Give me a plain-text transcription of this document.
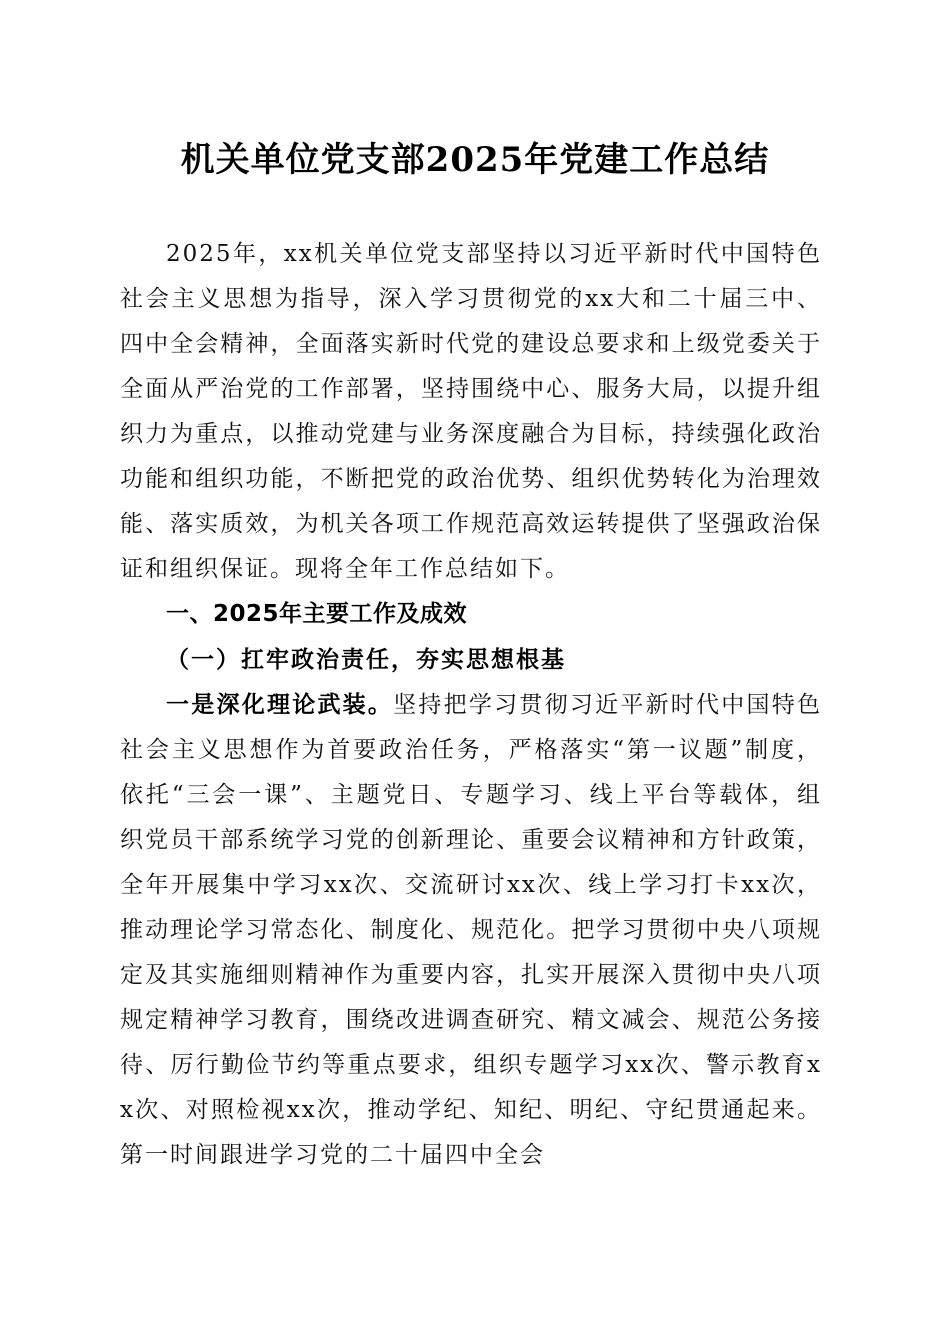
机关单位党支部2025年党建工作总结

2025年，xx机关单位党支部坚持以习近平新时代中国特色社会主义思想为指导，深入学习贯彻党的xx大和二十届三中、四中全会精神，全面落实新时代党的建设总要求和上级党委关于全面从严治党的工作部署，坚持围绕中心、服务大局，以提升组织力为重点，以推动党建与业务深度融合为目标，持续强化政治功能和组织功能，不断把党的政治优势、组织优势转化为治理效能、落实质效，为机关各项工作规范高效运转提供了坚强政治保证和组织保证。现将全年工作总结如下。

一、2025年主要工作及成效

（一）扛牢政治责任，夯实思想根基

一是深化理论武装。坚持把学习贯彻习近平新时代中国特色社会主义思想作为首要政治任务，严格落实“第一议题”制度，依托“三会一课”、主题党日、专题学习、线上平台等载体，组织党员干部系统学习党的创新理论、重要会议精神和方针政策，全年开展集中学习xx次、交流研讨xx次、线上学习打卡xx次，推动理论学习常态化、制度化、规范化。把学习贯彻中央八项规定及其实施细则精神作为重要内容，扎实开展深入贯彻中央八项规定精神学习教育，围绕改进调查研究、精文减会、规范公务接待、厉行勤俭节约等重点要求，组织专题学习xx次、警示教育xx次、对照检视xx次，推动学纪、知纪、明纪、守纪贯通起来。第一时间跟进学习党的二十届四中全会
